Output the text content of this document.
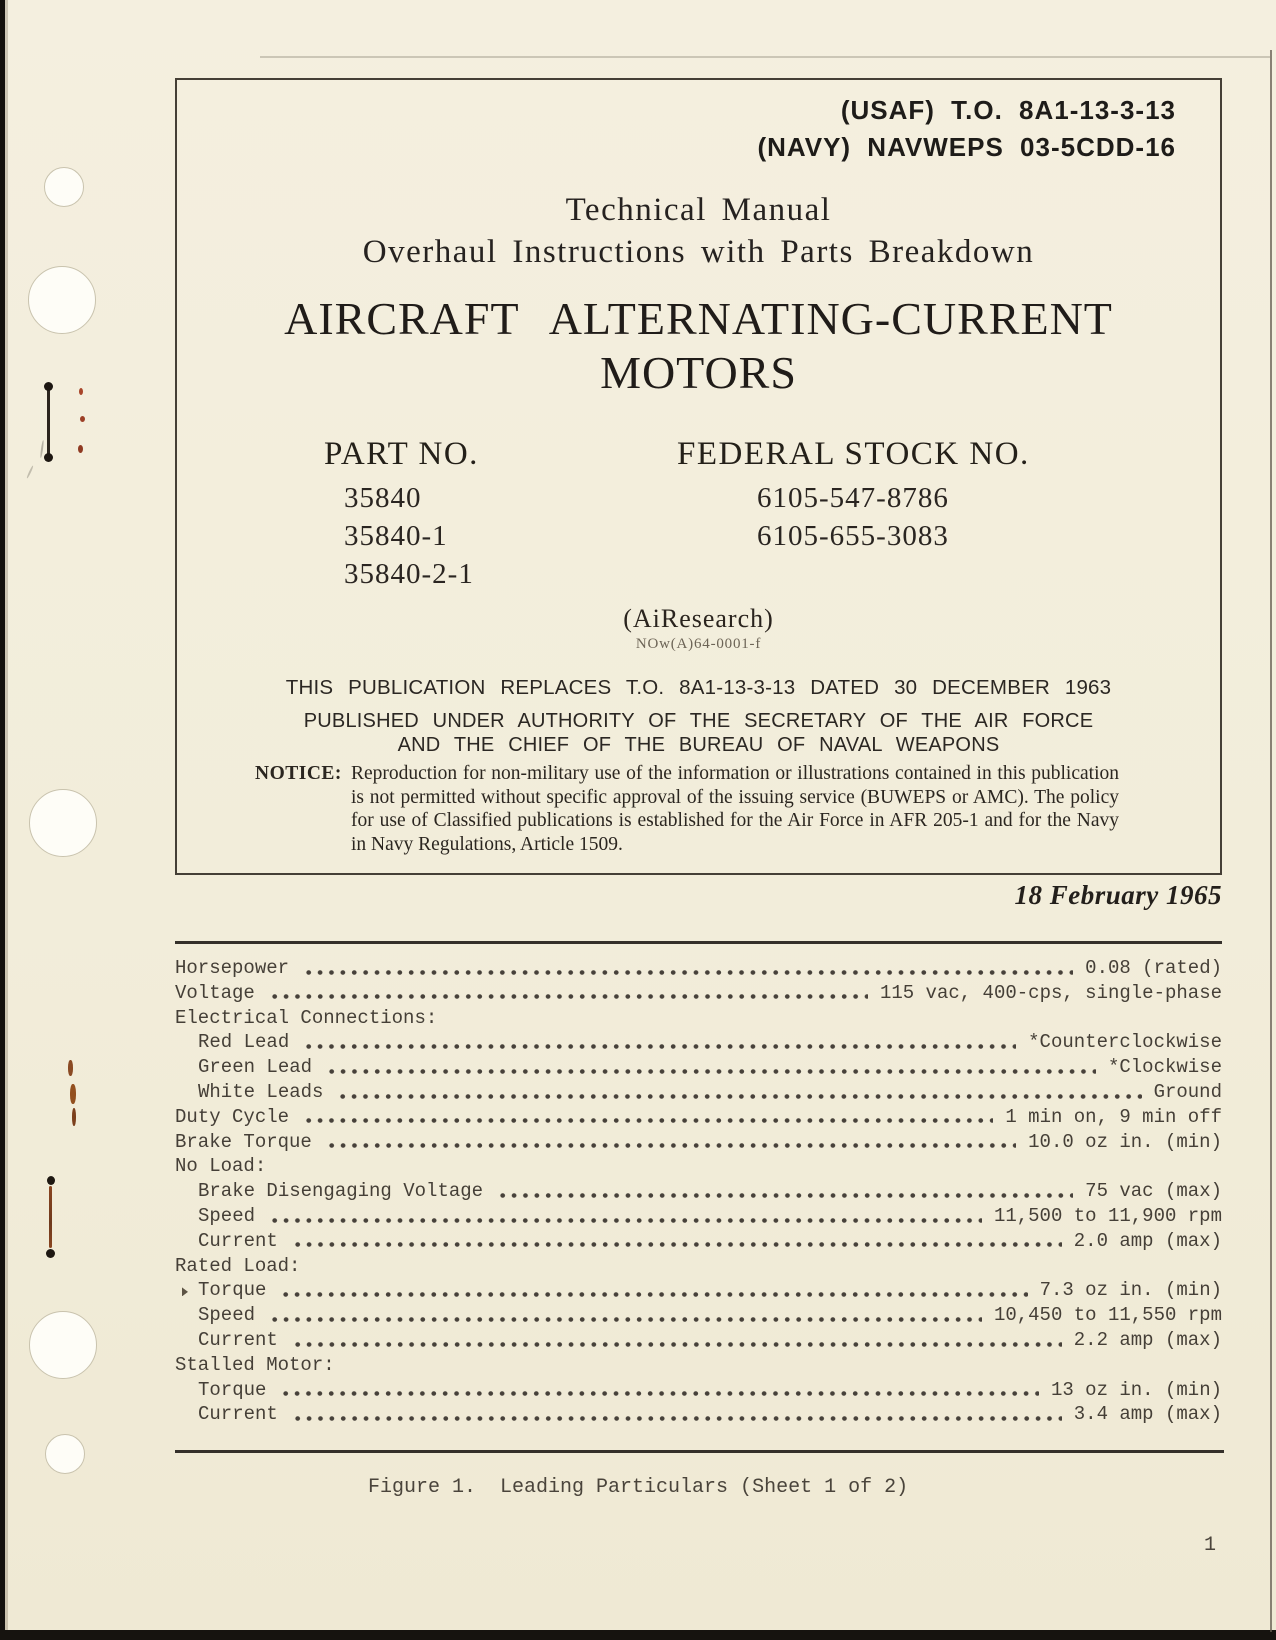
(USAF) T.O. 8A1-13-3-13
(NAVY) NAVWEPS 03-5CDD-16
Technical Manual
Overhaul Instructions with Parts Breakdown
AIRCRAFT ALTERNATING-CURRENT
MOTORS
PART NO.
35840
35840-1
35840-2-1
FEDERAL STOCK NO.
6105-547-8786
6105-655-3083
(AiResearch)
NOw(A)64-0001-f
THIS PUBLICATION REPLACES T.O. 8A1-13-3-13 DATED 30 DECEMBER 1963
PUBLISHED UNDER AUTHORITY OF THE SECRETARY OF THE AIR FORCE
AND THE CHIEF OF THE BUREAU OF NAVAL WEAPONS
NOTICE: Reproduction for non-military use of the information or illustrations contained in this publication is not permitted without specific approval of the issuing service (BUWEPS or AMC). The policy for use of Classified publications is established for the Air Force in AFR 205-1 and for the Navy in Navy Regulations, Article 1509.
18 February 1965
Horsepower	0.08 (rated)
Voltage	115 vac, 400-cps, single-phase
Electrical Connections:
Red Lead	*Counterclockwise
Green Lead	*Clockwise
White Leads	Ground
Duty Cycle	1 min on, 9 min off
Brake Torque	10.0 oz in. (min)
No Load:
Brake Disengaging Voltage	75 vac (max)
Speed	11,500 to 11,900 rpm
Current	2.0 amp (max)
Rated Load:
Torque	7.3 oz in. (min)
Speed	10,450 to 11,550 rpm
Current	2.2 amp (max)
Stalled Motor:
Torque	13 oz in. (min)
Current	3.4 amp (max)
Figure 1.  Leading Particulars (Sheet 1 of 2)
1
